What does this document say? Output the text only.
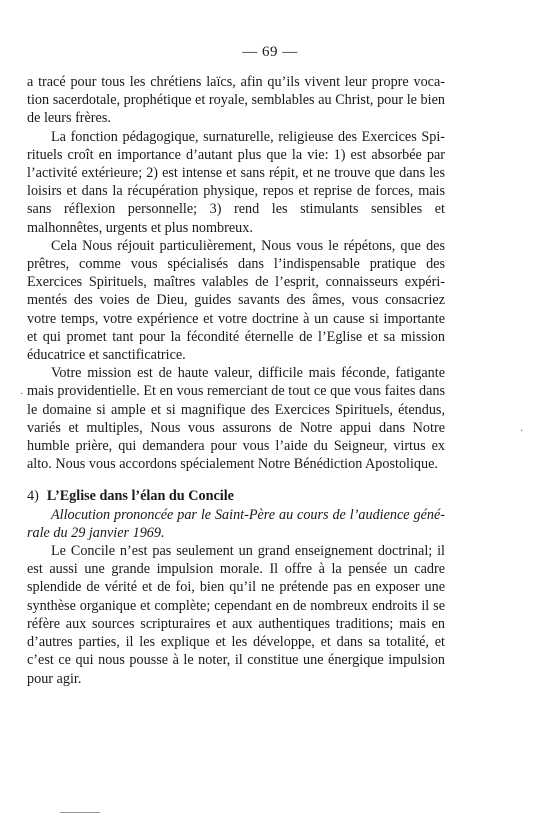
— 69 —

a tracé pour tous les chrétiens laïcs, afin qu’ils vivent leur propre vocation sacerdotale, prophétique et royale, semblables au Christ, pour le bien de leurs frères.

La fonction pédagogique, surnaturelle, religieuse des Exercices Spirituels croît en importance d’autant plus que la vie: 1) est absorbée par l’activité extérieure; 2) est intense et sans répit, et ne trouve que dans les loisirs et dans la récupération physique, repos et reprise de forces, mais sans réflexion personnelle; 3) rend les stimulants sensibles et malhonnêtes, urgents et plus nombreux.

Cela Nous réjouit particulièrement, Nous vous le répétons, que des prêtres, comme vous spécialisés dans l’indispensable pratique des Exercices Spirituels, maîtres valables de l’esprit, connaisseurs expérimentés des voies de Dieu, guides savants des âmes, vous consacriez votre temps, votre expérience et votre doctrine à un cause si importante et qui promet tant pour la fécondité éternelle de l’Eglise et sa mission éducatrice et sanctificatrice.

Votre mission est de haute valeur, difficile mais féconde, fatigante mais providentielle. Et en vous remerciant de tout ce que vous faites dans le domaine si ample et si magnifique des Exercices Spirituels, étendus, variés et multiples, Nous vous assurons de Notre appui dans Notre humble prière, qui demandera pour vous l’aide du Seigneur, virtus ex alto. Nous vous accordons spécialement Notre Bénédiction Apostolique.

4) L’Eglise dans l’élan du Concile

Allocution prononcée par le Saint-Père au cours de l’audience générale du 29 janvier 1969.

Le Concile n’est pas seulement un grand enseignement doctrinal; il est aussi une grande impulsion morale. Il offre à la pensée un cadre splendide de vérité et de foi, bien qu’il ne prétende pas en exposer une synthèse organique et complète; cependant en de nombreux endroits il se réfère aux sources scripturaires et aux authentiques traditions; mais en d’autres parties, il les explique et les développe, et dans sa totalité, et c’est ce qui nous pousse à le noter, il constitue une énergique impulsion pour agir.

·
·
